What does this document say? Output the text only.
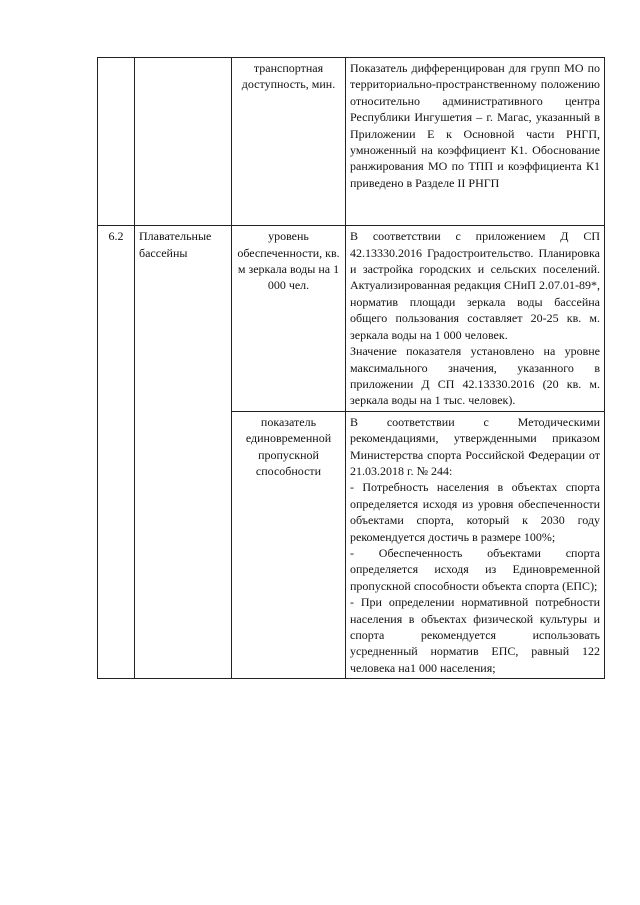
		транспортная доступность, мин.	Показатель дифференцирован для групп МО по территориально-пространственному положению относительно административного центра Республики Ингушетия – г. Магас, указанный в Приложении Е к Основной части РНГП, умноженный на коэффициент К1. Обоснование ранжирования МО по ТПП и коэффициента К1 приведено в Разделе II РНГП

6.2	Плавательные бассейны	уровень обеспеченности, кв. м зеркала воды на 1 000 чел.	В соответствии с приложением Д СП 42.13330.2016 Градостроительство. Планировка и застройка городских и сельских поселений. Актуализированная редакция СНиП 2.07.01-89*, норматив площади зеркала воды бассейна общего пользования составляет 20-25 кв. м. зеркала воды на 1 000 человек.

Значение показателя установлено на уровне максимального значения, указанного в приложении Д СП 42.13330.2016 (20 кв. м. зеркала воды на 1 тыс. человек).

		показатель единовременной пропускной способности	В соответствии с Методическими рекомендациями, утвержденными приказом Министерства спорта Российской Федерации от 21.03.2018 г. № 244:

- Потребность населения в объектах спорта определяется исходя из уровня обеспеченности объектами спорта, который к 2030 году рекомендуется достичь в размере 100%;

- Обеспеченность объектами спорта определяется исходя из Единовременной пропускной способности объекта спорта (ЕПС);

- При определении нормативной потребности населения в объектах физической культуры и спорта рекомендуется использовать усредненный норматив ЕПС, равный 122 человека на1 000 населения;
